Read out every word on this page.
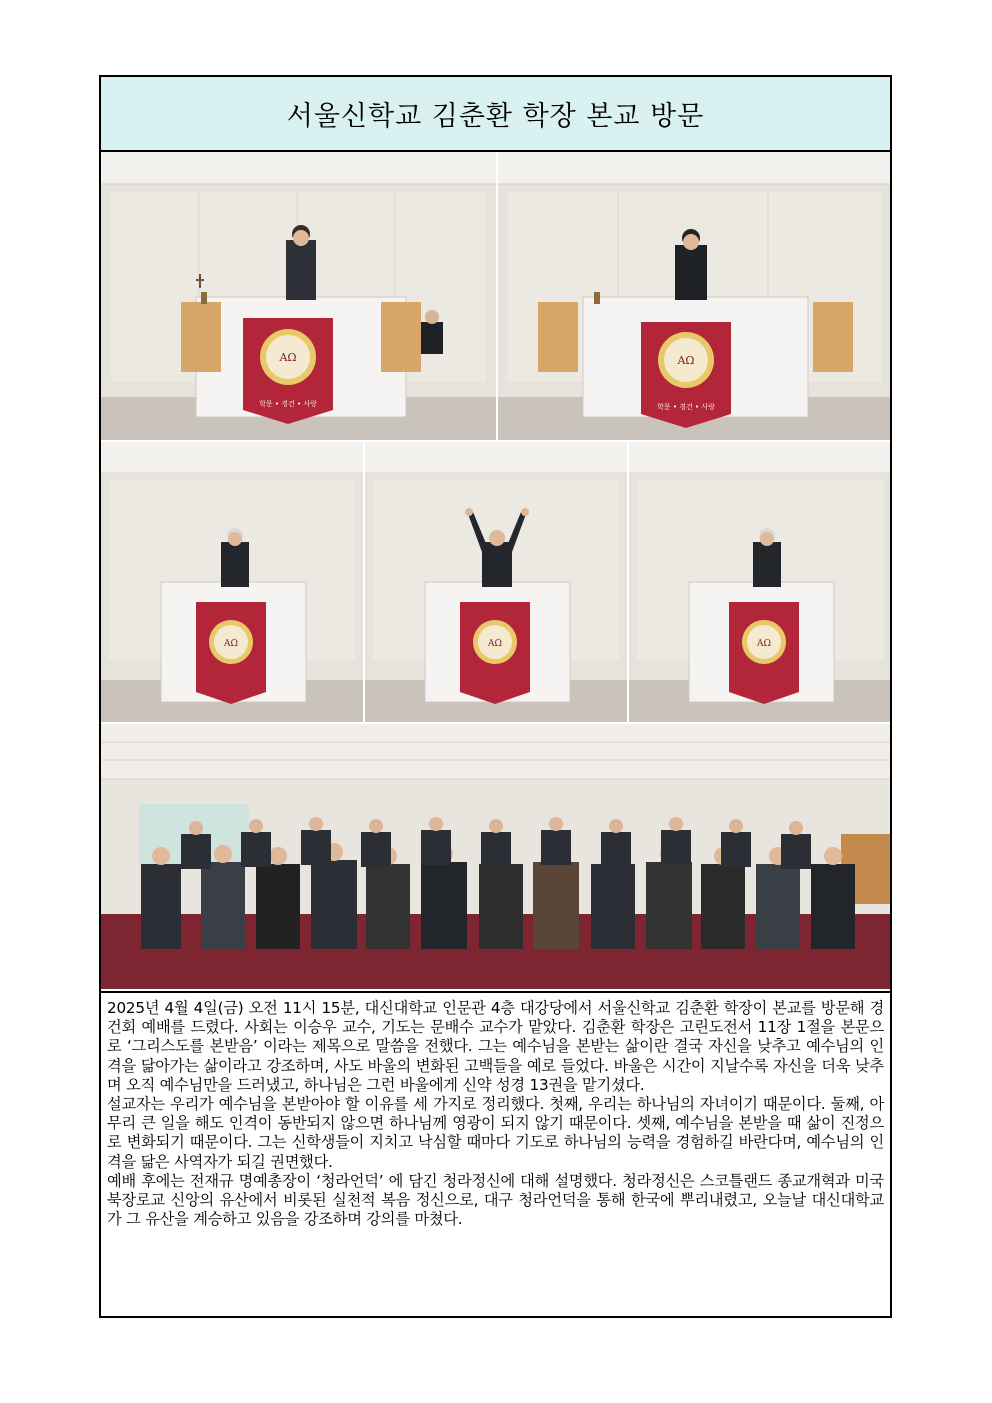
서울신학교 김춘환 학장 본교 방문
ΑΩ
학문 • 경건 • 사랑
ΑΩ
학문 • 경건 • 사랑
ΑΩ	ΑΩ	ΑΩ

2025년 4월 4일(금) 오전 11시 15분, 대신대학교 인문관 4층 대강당에서 서울신학교 김춘환 학장이 본교를 방문해 경건회 예배를 드렸다. 사회는 이승우 교수, 기도는 문배수 교수가 맡았다. 김춘환 학장은 고린도전서 11장 1절을 본문으로 ‘그리스도를 본받음’ 이라는 제목으로 말씀을 전했다. 그는 예수님을 본받는 삶이란 결국 자신을 낮추고 예수님의 인격을 닮아가는 삶이라고 강조하며, 사도 바울의 변화된 고백들을 예로 들었다. 바울은 시간이 지날수록 자신을 더욱 낮추며 오직 예수님만을 드러냈고, 하나님은 그런 바울에게 신약 성경 13권을 맡기셨다.

설교자는 우리가 예수님을 본받아야 할 이유를 세 가지로 정리했다. 첫째, 우리는 하나님의 자녀이기 때문이다. 둘째, 아무리 큰 일을 해도 인격이 동반되지 않으면 하나님께 영광이 되지 않기 때문이다. 셋째, 예수님을 본받을 때 삶이 진정으로 변화되기 때문이다. 그는 신학생들이 지치고 낙심할 때마다 기도로 하나님의 능력을 경험하길 바란다며, 예수님의 인격을 닮은 사역자가 되길 권면했다.

예배 후에는 전재규 명예총장이 ‘청라언덕’ 에 담긴 청라정신에 대해 설명했다. 청라정신은 스코틀랜드 종교개혁과 미국 북장로교 신앙의 유산에서 비롯된 실천적 복음 정신으로, 대구 청라언덕을 통해 한국에 뿌리내렸고, 오늘날 대신대학교가 그 유산을 계승하고 있음을 강조하며 강의를 마쳤다.
